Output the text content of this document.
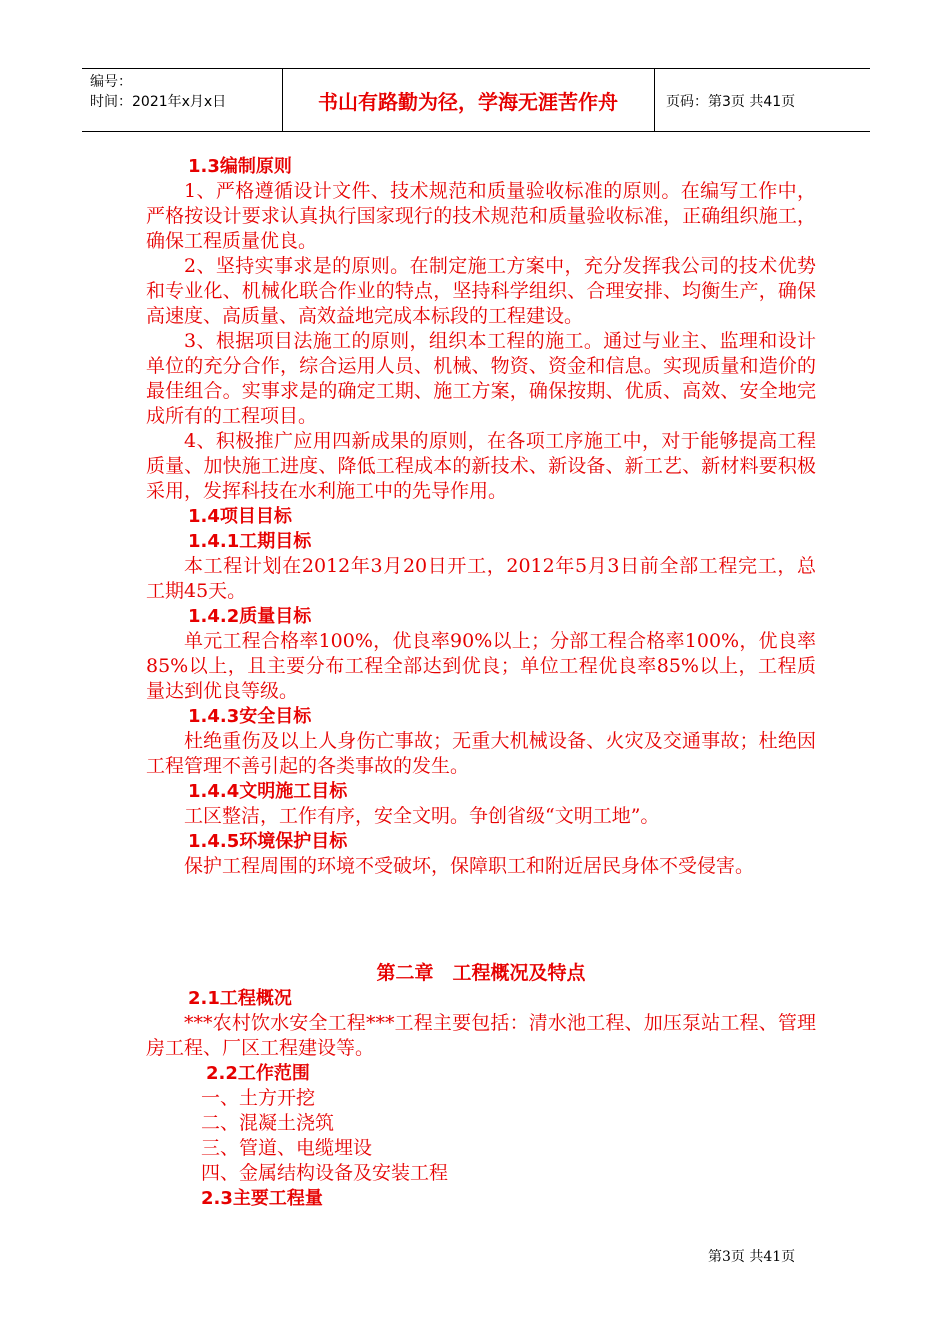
编号：
时间：2021年x月x日	书山有路勤为径，学海无涯苦作舟	页码：第3页 共41页

1.3编制原则

1、严格遵循设计文件、技术规范和质量验收标准的原则。在编写工作中，严格按设计要求认真执行国家现行的技术规范和质量验收标准，正确组织施工，确保工程质量优良。

2、坚持实事求是的原则。在制定施工方案中，充分发挥我公司的技术优势和专业化、机械化联合作业的特点，坚持科学组织、合理安排、均衡生产，确保高速度、高质量、高效益地完成本标段的工程建设。

3、根据项目法施工的原则，组织本工程的施工。通过与业主、监理和设计单位的充分合作，综合运用人员、机械、物资、资金和信息。实现质量和造价的最佳组合。实事求是的确定工期、施工方案，确保按期、优质、高效、安全地完成所有的工程项目。

4、积极推广应用四新成果的原则，在各项工序施工中，对于能够提高工程质量、加快施工进度、降低工程成本的新技术、新设备、新工艺、新材料要积极采用，发挥科技在水利施工中的先导作用。

1.4项目目标

1.4.1工期目标

本工程计划在2012年3月20日开工，2012年5月3日前全部工程完工，总工期45天。

1.4.2质量目标

单元工程合格率100%，优良率90%以上；分部工程合格率100%，优良率85%以上，且主要分布工程全部达到优良；单位工程优良率85%以上，工程质量达到优良等级。

1.4.3安全目标

杜绝重伤及以上人身伤亡事故；无重大机械设备、火灾及交通事故；杜绝因工程管理不善引起的各类事故的发生。

1.4.4文明施工目标

工区整洁，工作有序，安全文明。争创省级“文明工地”。

1.4.5环境保护目标

保护工程周围的环境不受破坏，保障职工和附近居民身体不受侵害。

第二章　工程概况及特点

2.1工程概况

***农村饮水安全工程***工程主要包括：清水池工程、加压泵站工程、管理房工程、厂区工程建设等。

2.2工作范围

一、土方开挖

二、混凝土浇筑

三、管道、电缆埋设

四、金属结构设备及安装工程

2.3主要工程量

第3页 共41页
